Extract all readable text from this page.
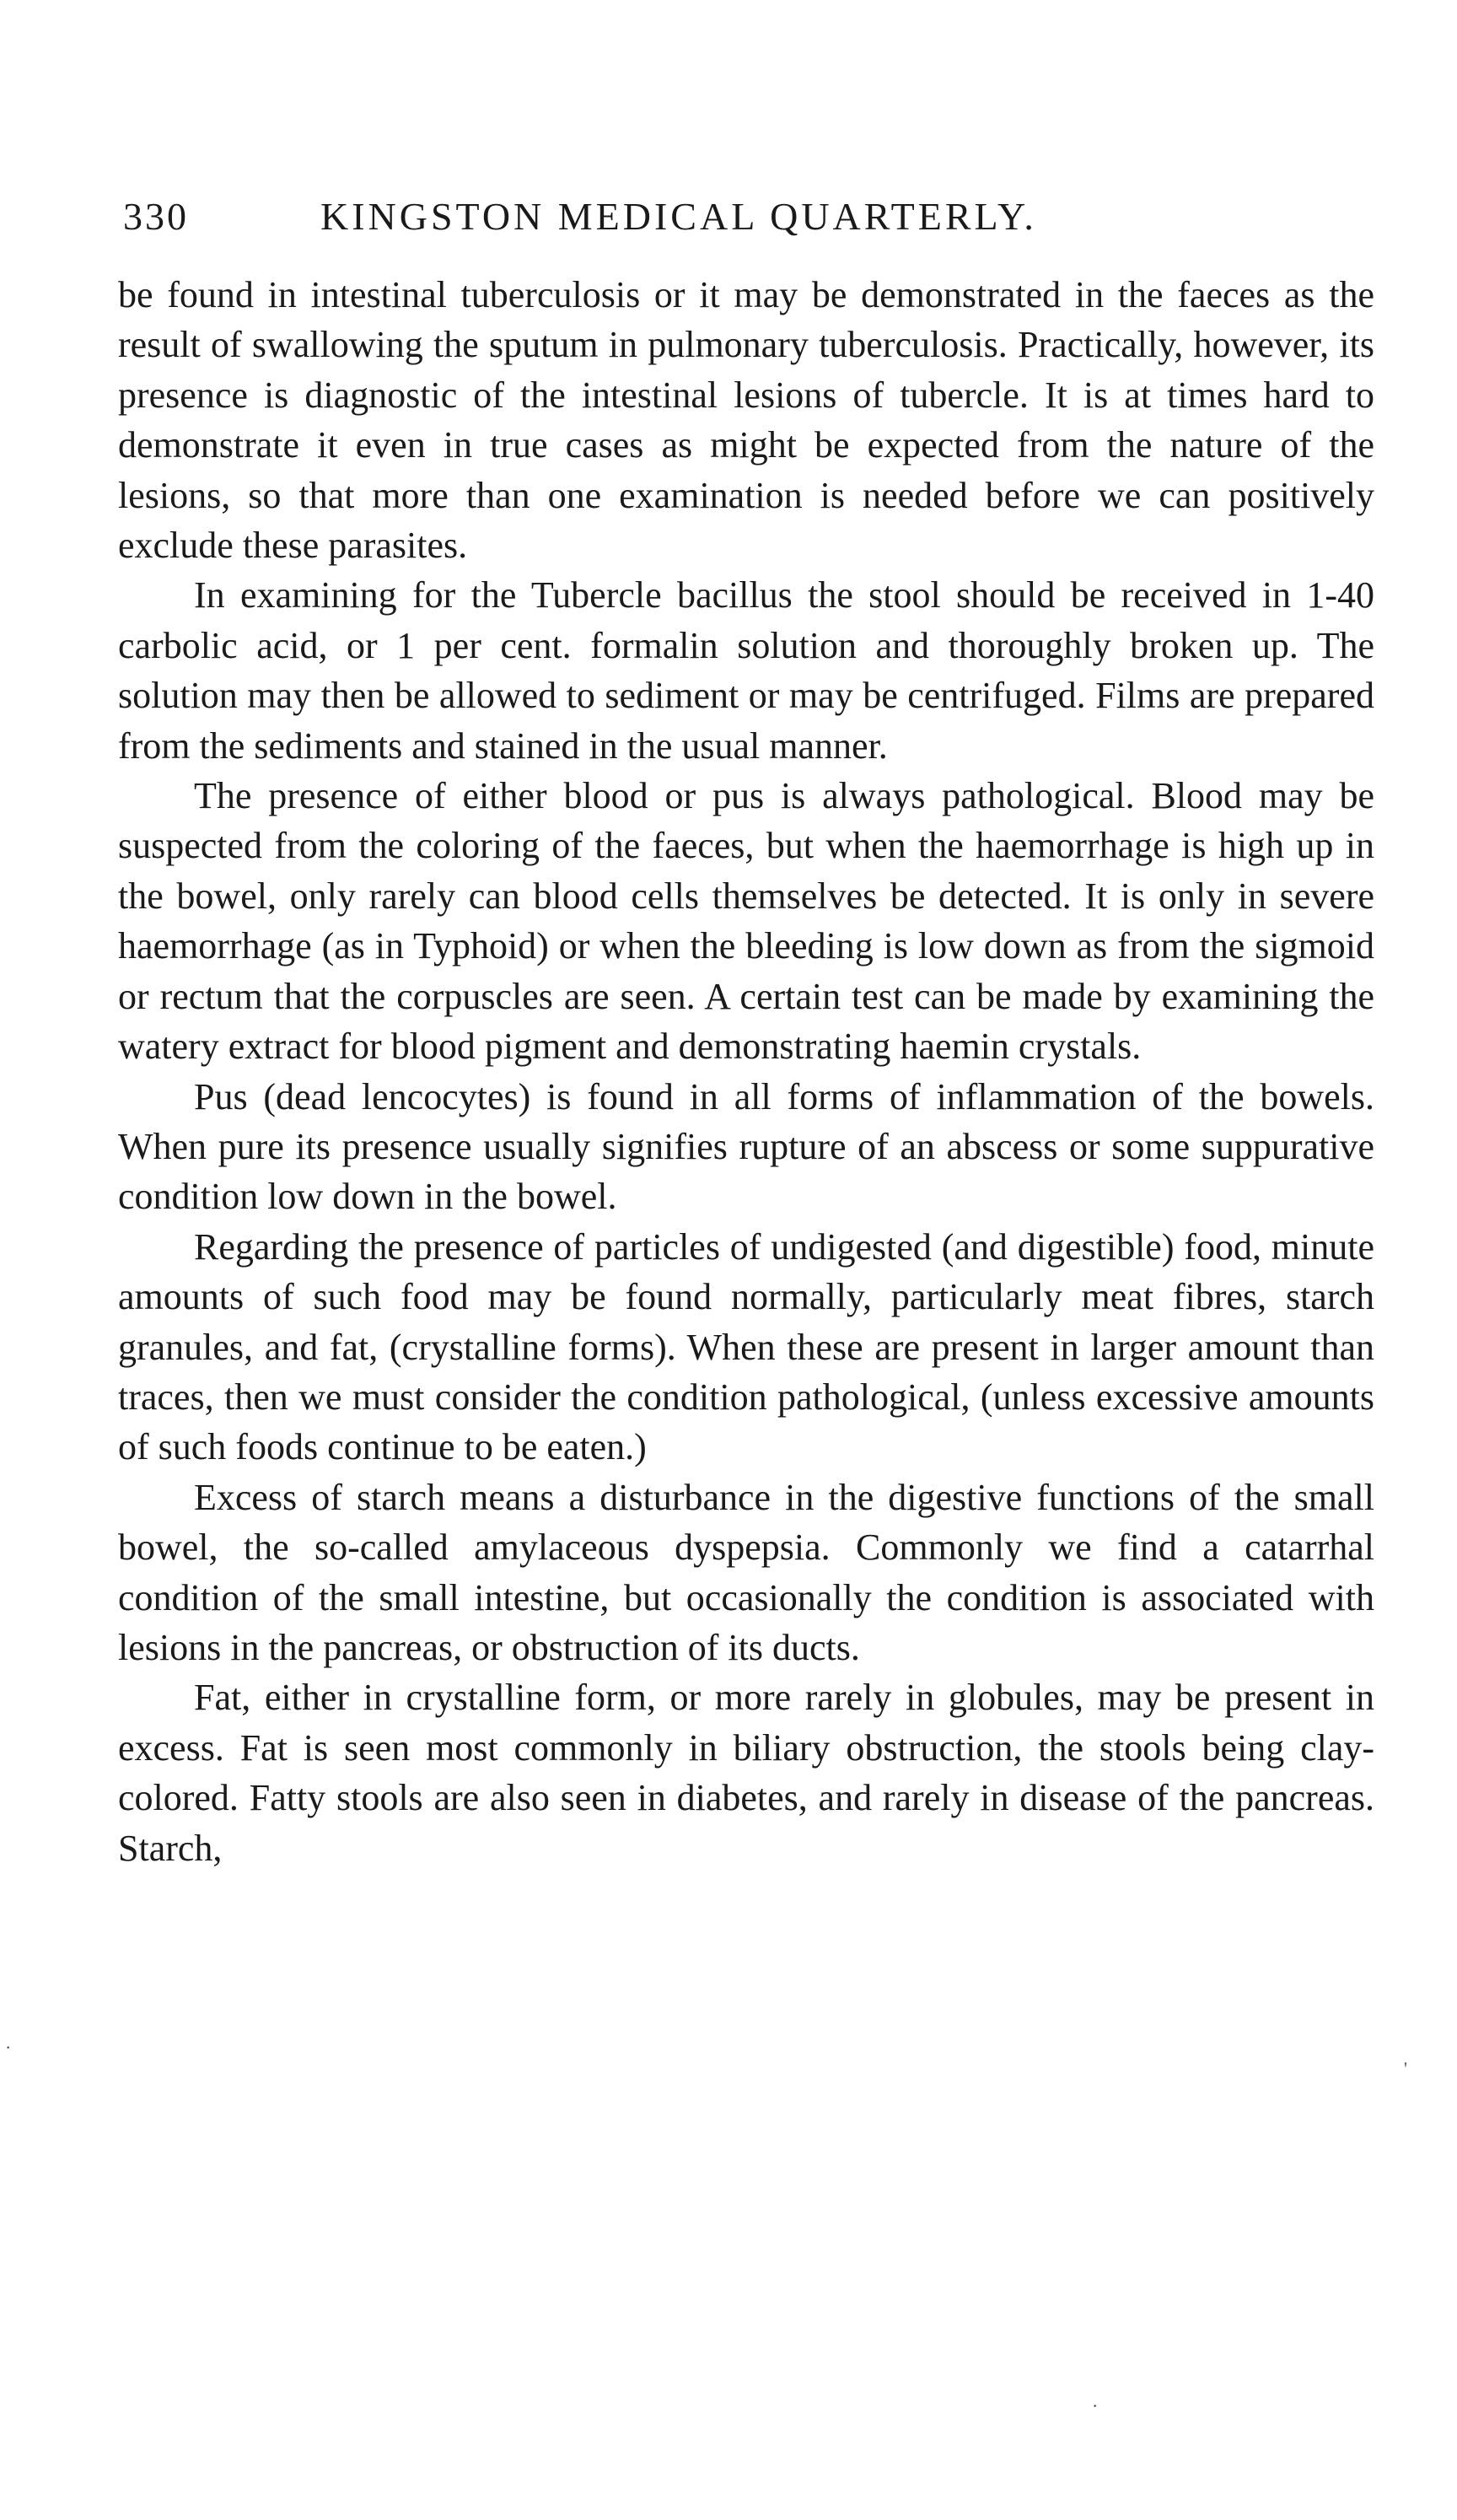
330	KINGSTON MEDICAL QUARTERLY.

be found in intestinal tuberculosis or it may be demonstrated in the faeces as the result of swallowing the sputum in pulmonary tuberculosis. Practically, however, its presence is diagnostic of the intestinal lesions of tubercle. It is at times hard to demonstrate it even in true cases as might be expected from the nature of the lesions, so that more than one examination is needed before we can positively exclude these parasites.

In examining for the Tubercle bacillus the stool should be received in 1-40 carbolic acid, or 1 per cent. formalin solution and thoroughly broken up. The solution may then be allowed to sediment or may be centrifuged. Films are prepared from the sediments and stained in the usual manner.

The presence of either blood or pus is always pathological. Blood may be suspected from the coloring of the faeces, but when the haemorrhage is high up in the bowel, only rarely can blood cells themselves be detected. It is only in severe haemorrhage (as in Typhoid) or when the bleeding is low down as from the sigmoid or rectum that the corpuscles are seen. A certain test can be made by examining the watery extract for blood pigment and demonstrating haemin crystals.

Pus (dead lencocytes) is found in all forms of inflammation of the bowels. When pure its presence usually signifies rupture of an abscess or some suppurative condition low down in the bowel.

Regarding the presence of particles of undigested (and digestible) food, minute amounts of such food may be found normally, particularly meat fibres, starch granules, and fat, (crystalline forms). When these are present in larger amount than traces, then we must consider the condition pathological, (unless excessive amounts of such foods continue to be eaten.)

Excess of starch means a disturbance in the digestive functions of the small bowel, the so-called amylaceous dyspepsia. Commonly we find a catarrhal condition of the small intestine, but occasionally the condition is associated with lesions in the pancreas, or obstruction of its ducts.

Fat, either in crystalline form, or more rarely in globules, may be present in excess. Fat is seen most commonly in biliary obstruction, the stools being clay-colored. Fatty stools are also seen in diabetes, and rarely in disease of the pancreas. Starch,

·
'
·
